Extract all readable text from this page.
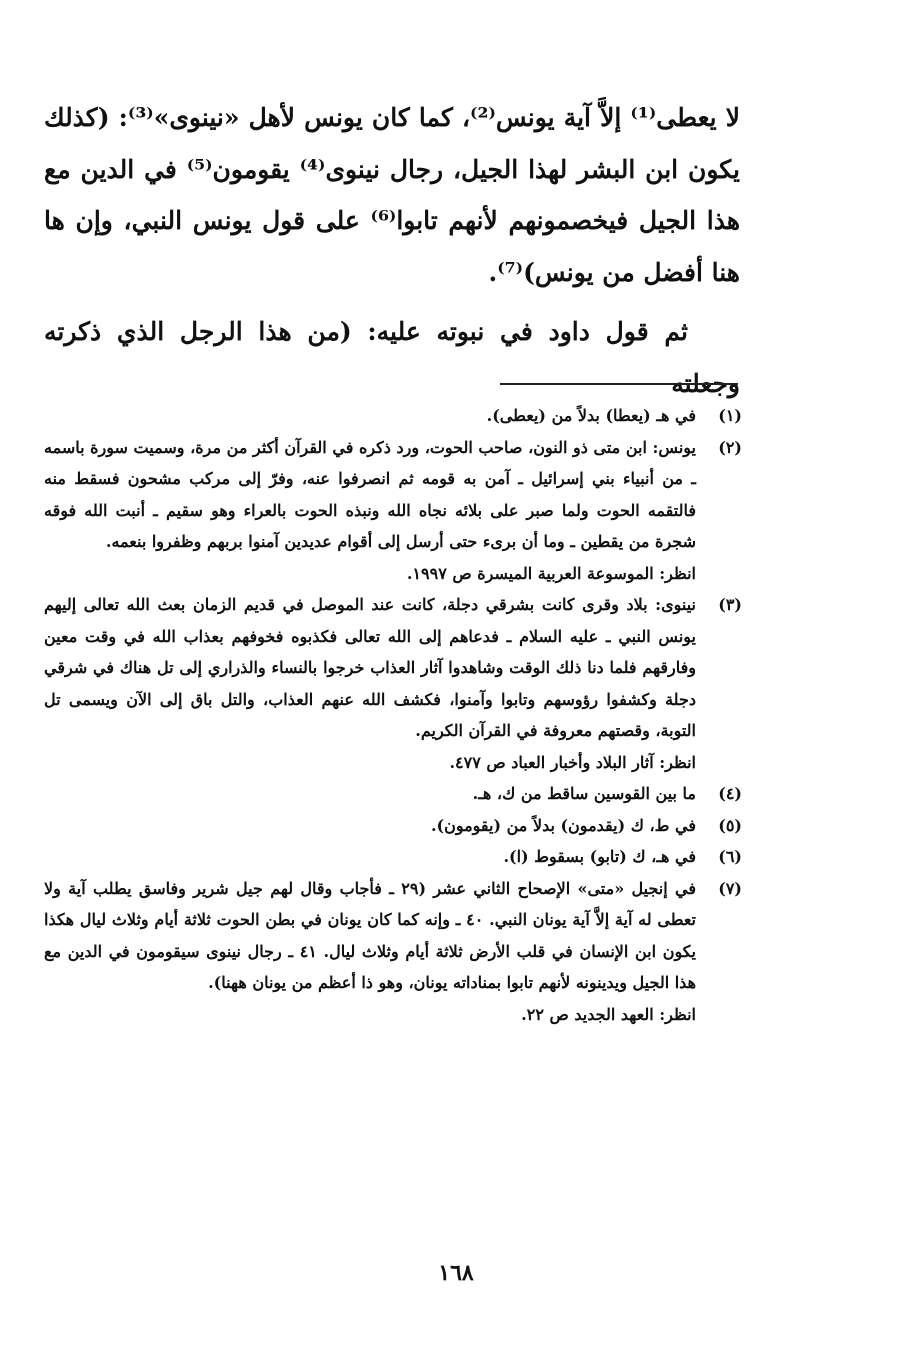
لا يعطى⁽¹⁾ إلاَّ آية يونس⁽²⁾، كما كان يونس لأهل «نينوى»⁽³⁾: (كذلك يكون ابن البشر لهذا الجيل، رجال نينوى⁽⁴⁾ يقومون⁽⁵⁾ في الدين مع هذا الجيل فيخصمونهم لأنهم تابوا⁽⁶⁾ على قول يونس النبي، وإن ها هنا أفضل من يونس)⁽⁷⁾.

ثم قول داود في نبوته عليه: (من هذا الرجل الذي ذكرته وجعلته

(١)
في هـ (يعطا) بدلاً من (يعطى).
(٢)
يونس: ابن متى ذو النون، صاحب الحوت، ورد ذكره في القرآن أكثر من مرة، وسميت سورة باسمه ـ من أنبياء بني إسرائيل ـ آمن به قومه ثم انصرفوا عنه، وفرّ إلى مركب مشحون فسقط منه فالتقمه الحوت ولما صبر على بلائه نجاه الله ونبذه الحوت بالعراء وهو سقيم ـ أنبت الله فوقه شجرة من يقطين ـ وما أن برىء حتى أرسل إلى أقوام عديدين آمنوا بربهم وظفروا بنعمه.
انظر: الموسوعة العربية الميسرة ص ١٩٩٧.
(٣)
نينوى: بلاد وقرى كانت بشرقي دجلة، كانت عند الموصل في قديم الزمان بعث الله تعالى إليهم يونس النبي ـ عليه السلام ـ فدعاهم إلى الله تعالى فكذبوه فخوفهم بعذاب الله في وقت معين وفارقهم فلما دنا ذلك الوقت وشاهدوا آثار العذاب خرجوا بالنساء والذراري إلى تل هناك في شرقي دجلة وكشفوا رؤوسهم وتابوا وآمنوا، فكشف الله عنهم العذاب، والتل باق إلى الآن ويسمى تل التوبة، وقصتهم معروفة في القرآن الكريم.
انظر: آثار البلاد وأخبار العباد ص ٤٧٧.
(٤)
ما بين القوسين ساقط من ك، هـ.
(٥)
في ط، ك (يقدمون) بدلاً من (يقومون).
(٦)
في هـ، ك (تابو) بسقوط (ا).
(٧)
في إنجيل «متى» الإصحاح الثاني عشر (٢٩ ـ فأجاب وقال لهم جيل شرير وفاسق يطلب آية ولا تعطى له آية إلاَّ آية يونان النبي. ٤٠ ـ وإنه كما كان يونان في بطن الحوت ثلاثة أيام وثلاث ليال هكذا يكون ابن الإنسان في قلب الأرض ثلاثة أيام وثلاث ليال. ٤١ ـ رجال نينوى سيقومون في الدين مع هذا الجيل ويدينونه لأنهم تابوا بمناداته يونان، وهو ذا أعظم من يونان ههنا).
انظر: العهد الجديد ص ٢٢.
١٦٨
